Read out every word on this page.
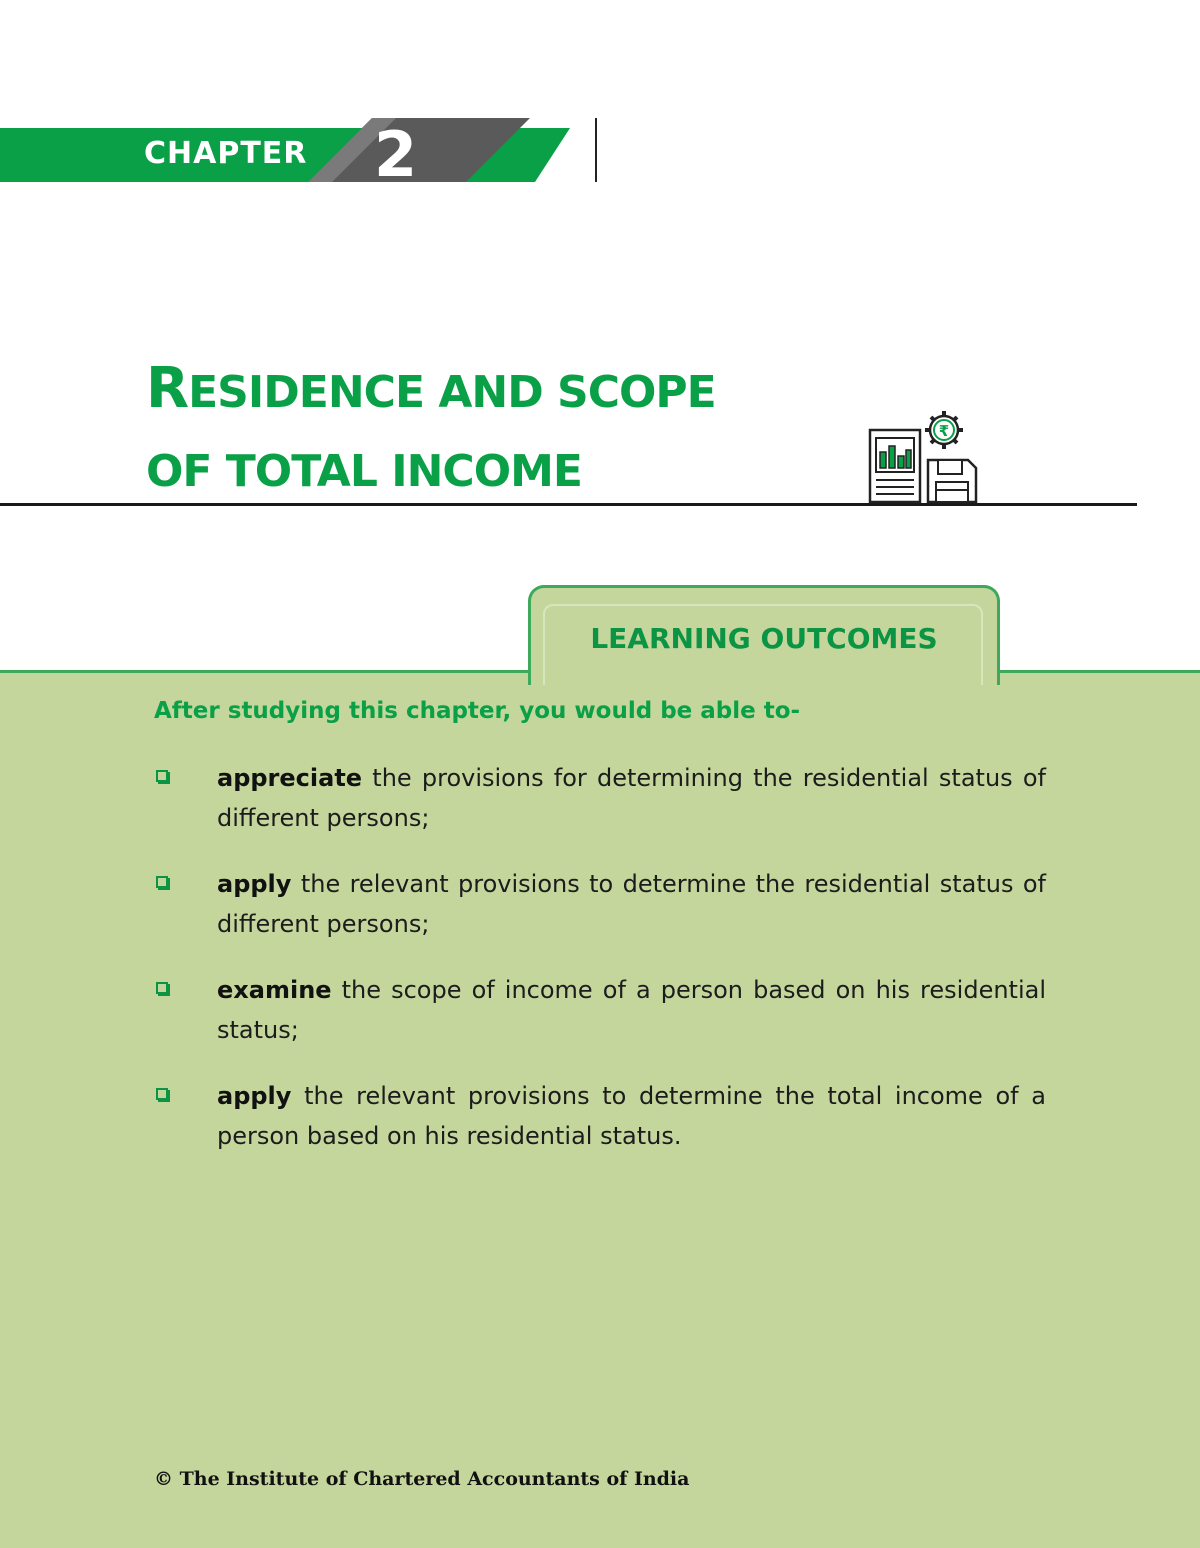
CHAPTER 2
RESIDENCE AND SCOPE
OF TOTAL INCOME
₹
LEARNING OUTCOMES
After studying this chapter, you would be able to-
appreciate the provisions for determining the residential status of different persons;
apply the relevant provisions to determine the residential status of different persons;
examine the scope of income of a person based on his residential status;
apply the relevant provisions to determine the total income of a person based on his residential status.
© The Institute of Chartered Accountants of India
